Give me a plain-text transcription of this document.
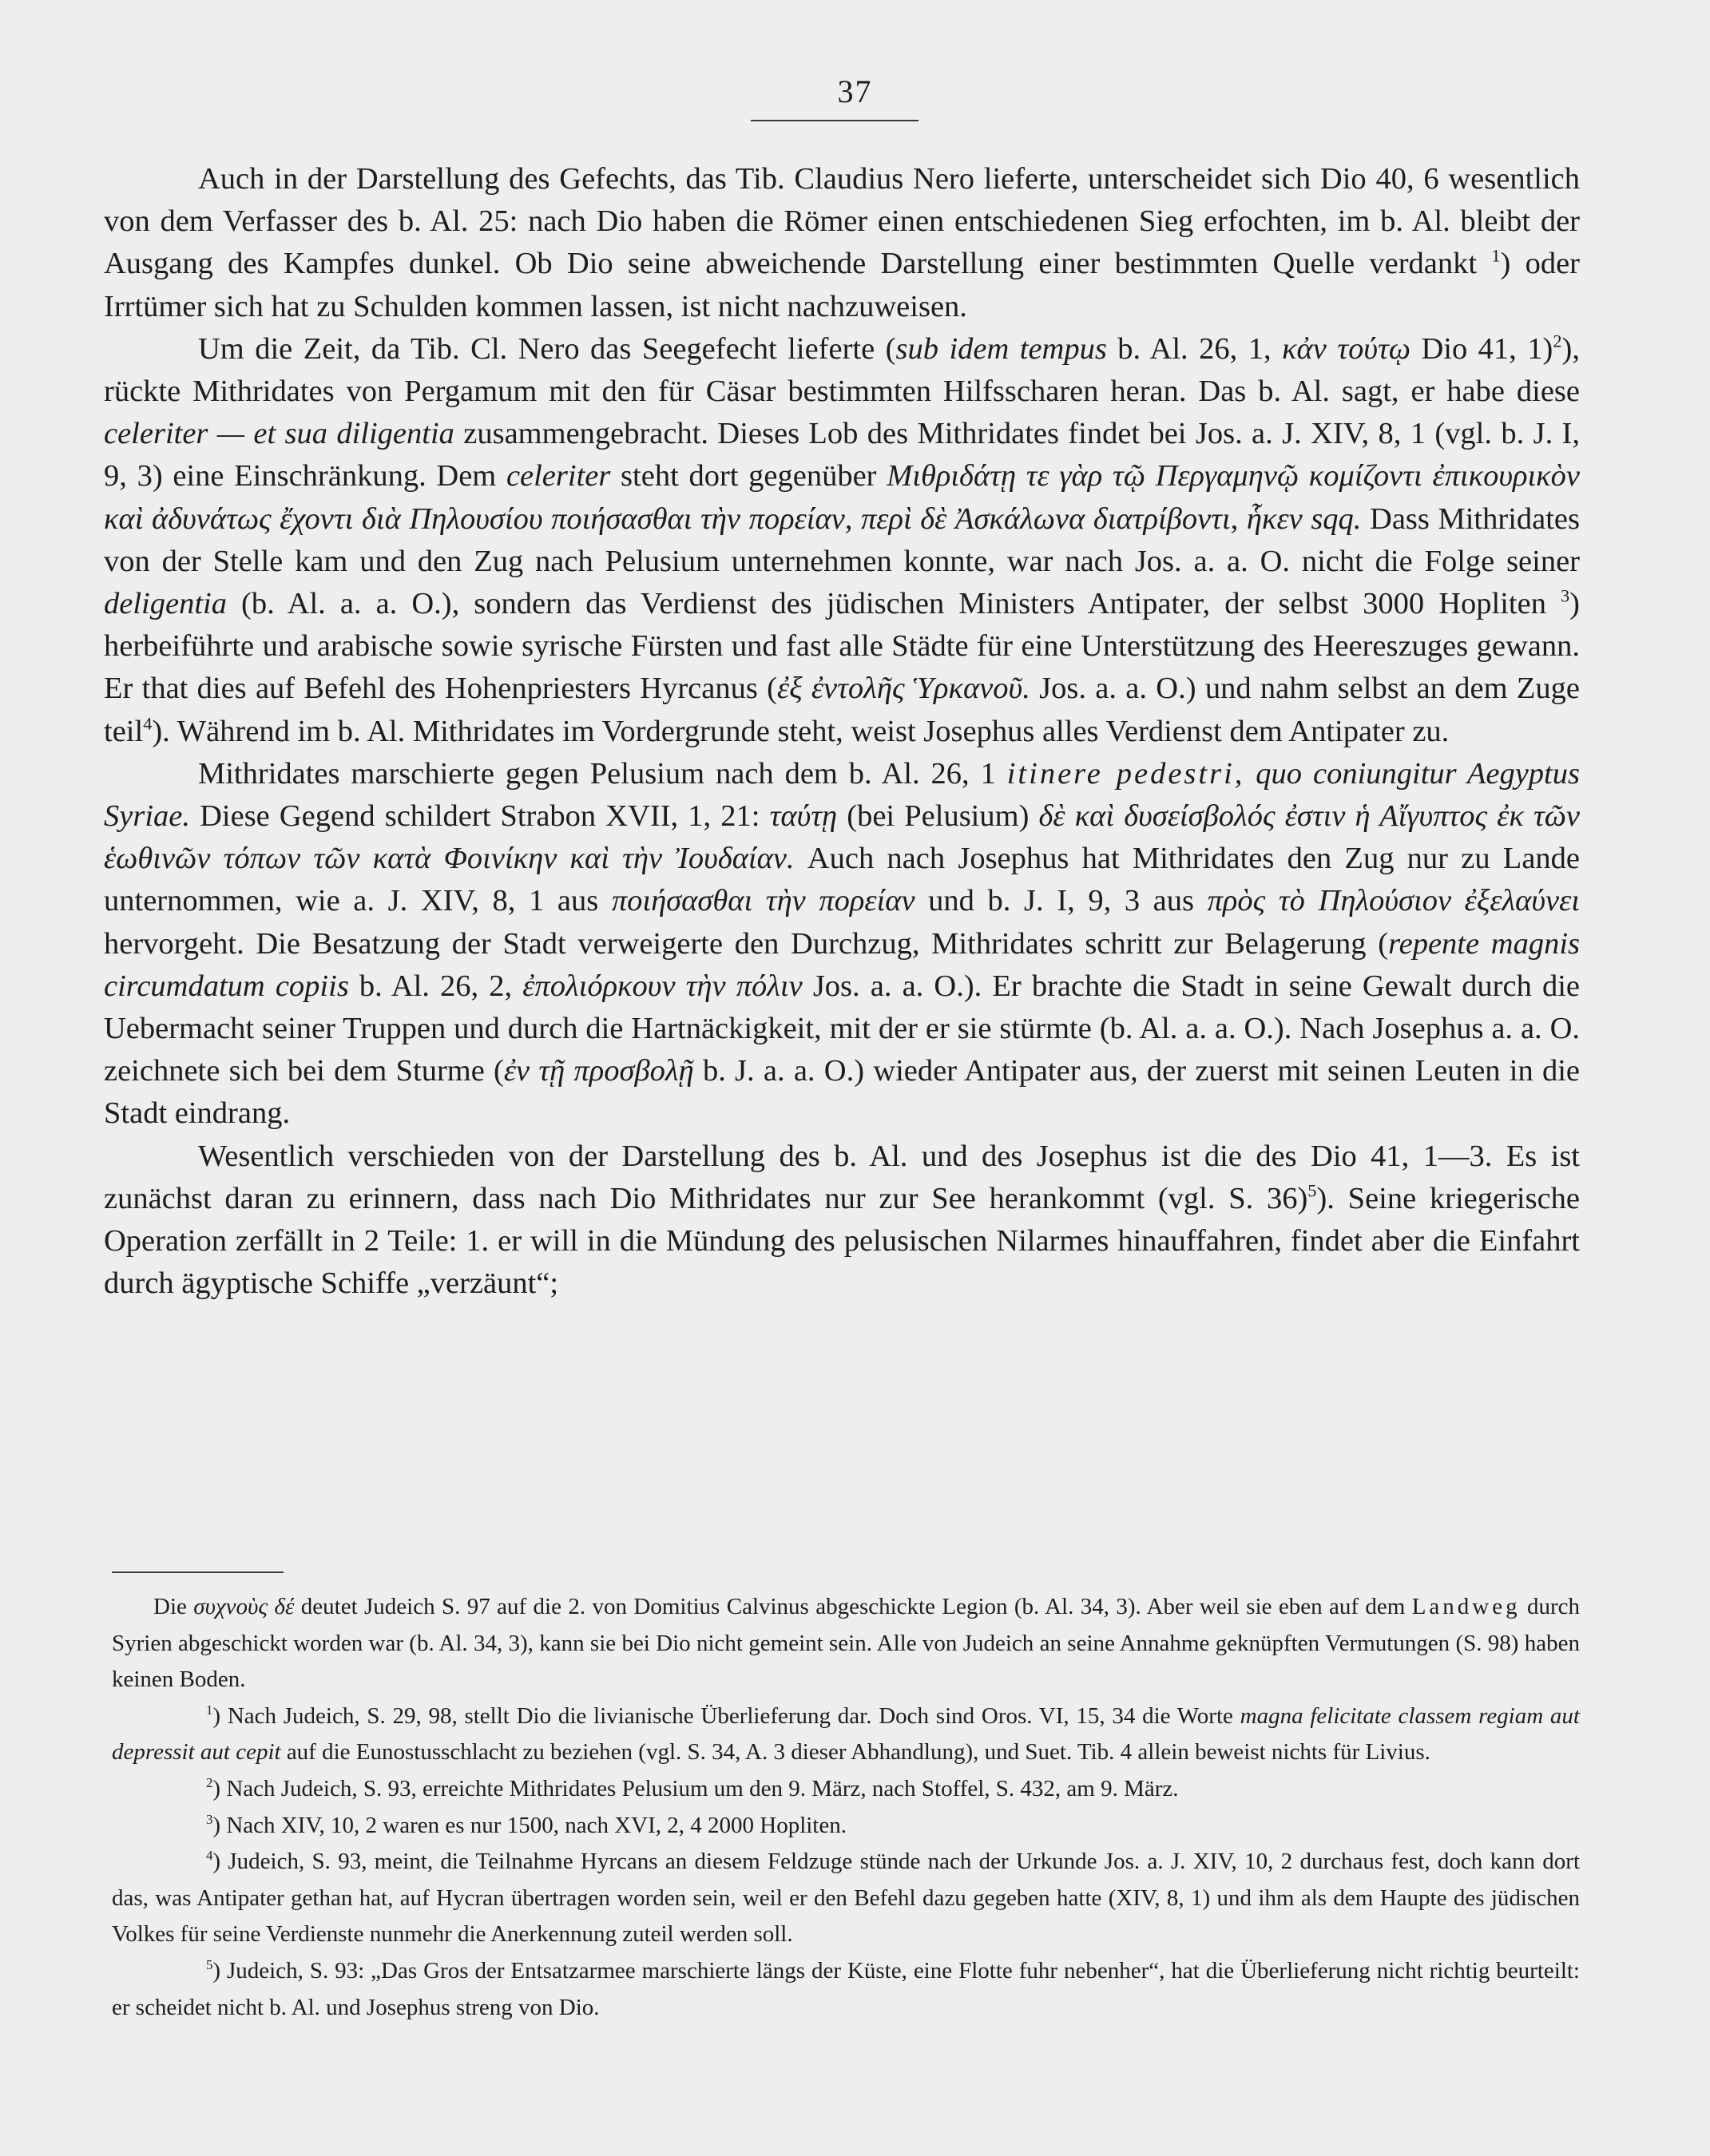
37

Auch in der Darstellung des Gefechts, das Tib. Claudius Nero lieferte, unterscheidet sich Dio 40, 6 wesentlich von dem Verfasser des b. Al. 25: nach Dio haben die Römer einen entschiedenen Sieg erfochten, im b. Al. bleibt der Ausgang des Kampfes dunkel. Ob Dio seine abweichende Darstellung einer bestimmten Quelle verdankt $^1$) oder Irrtümer sich hat zu Schulden kommen lassen, ist nicht nachzuweisen.

Um die Zeit, da Tib. Cl. Nero das Seegefecht lieferte (sub idem tempus b. Al. 26, 1, κἀν τούτῳ Dio 41, 1)$^2$), rückte Mithridates von Pergamum mit den für Cäsar bestimmten Hilfsscharen heran. Das b. Al. sagt, er habe diese celeriter — et sua diligentia zusammengebracht. Dieses Lob des Mithridates findet bei Jos. a. J. XIV, 8, 1 (vgl. b. J. I, 9, 3) eine Einschränkung. Dem celeriter steht dort gegenüber Μιθριδάτῃ τε γὰρ τῷ Περγαμηνῷ κομίζοντι ἐπικουρικὸν καὶ ἀδυνάτως ἔχοντι διὰ Πηλουσίου ποιήσασθαι τὴν πορείαν, περὶ δὲ Ἀσκάλωνα διατρίβοντι, ἧκεν sqq. Dass Mithridates von der Stelle kam und den Zug nach Pelusium unternehmen konnte, war nach Jos. a. a. O. nicht die Folge seiner deligentia (b. Al. a. a. O.), sondern das Verdienst des jüdischen Ministers Antipater, der selbst 3000 Hopliten $^3$) herbeiführte und arabische sowie syrische Fürsten und fast alle Städte für eine Unterstützung des Heereszuges gewann. Er that dies auf Befehl des Hohenpriesters Hyrcanus (ἐξ ἐντολῆς Ὑρκανοῦ. Jos. a. a. O.) und nahm selbst an dem Zuge teil$^4$). Während im b. Al. Mithridates im Vordergrunde steht, weist Josephus alles Verdienst dem Antipater zu.

Mithridates marschierte gegen Pelusium nach dem b. Al. 26, 1 itinere pedestri, quo coniungitur Aegyptus Syriae. Diese Gegend schildert Strabon XVII, 1, 21: ταύτῃ (bei Pelusium) δὲ καὶ δυσείσβολός ἐστιν ἡ Αἴγυπτος ἐκ τῶν ἑωθινῶν τόπων τῶν κατὰ Φοινίκην καὶ τὴν Ἰουδαίαν. Auch nach Josephus hat Mithridates den Zug nur zu Lande unternommen, wie a. J. XIV, 8, 1 aus ποιήσασθαι τὴν πορείαν und b. J. I, 9, 3 aus πρὸς τὸ Πηλούσιον ἐξελαύνει hervorgeht. Die Besatzung der Stadt verweigerte den Durchzug, Mithridates schritt zur Belagerung (repente magnis circumdatum copiis b. Al. 26, 2, ἐπολιόρκουν τὴν πόλιν Jos. a. a. O.). Er brachte die Stadt in seine Gewalt durch die Uebermacht seiner Truppen und durch die Hartnäckigkeit, mit der er sie stürmte (b. Al. a. a. O.). Nach Josephus a. a. O. zeichnete sich bei dem Sturme (ἐν τῇ προσβολῇ b. J. a. a. O.) wieder Antipater aus, der zuerst mit seinen Leuten in die Stadt eindrang.

Wesentlich verschieden von der Darstellung des b. Al. und des Josephus ist die des Dio 41, 1—3. Es ist zunächst daran zu erinnern, dass nach Dio Mithridates nur zur See herankommt (vgl. S. 36)$^5$). Seine kriegerische Operation zerfällt in 2 Teile: 1. er will in die Mündung des pelusischen Nilarmes hinauffahren, findet aber die Einfahrt durch ägyptische Schiffe „verzäunt“;

Die συχνοὺς δέ deutet Judeich S. 97 auf die 2. von Domitius Calvinus abgeschickte Legion (b. Al. 34, 3). Aber weil sie eben auf dem Landweg durch Syrien abgeschickt worden war (b. Al. 34, 3), kann sie bei Dio nicht gemeint sein. Alle von Judeich an seine Annahme geknüpften Vermutungen (S. 98) haben keinen Boden.

$^1$) Nach Judeich, S. 29, 98, stellt Dio die livianische Überlieferung dar. Doch sind Oros. VI, 15, 34 die Worte magna felicitate classem regiam aut depressit aut cepit auf die Eunostusschlacht zu beziehen (vgl. S. 34, A. 3 dieser Abhandlung), und Suet. Tib. 4 allein beweist nichts für Livius.

$^2$) Nach Judeich, S. 93, erreichte Mithridates Pelusium um den 9. März, nach Stoffel, S. 432, am 9. März.

$^3$) Nach XIV, 10, 2 waren es nur 1500, nach XVI, 2, 4 2000 Hopliten.

$^4$) Judeich, S. 93, meint, die Teilnahme Hyrcans an diesem Feldzuge stünde nach der Urkunde Jos. a. J. XIV, 10, 2 durchaus fest, doch kann dort das, was Antipater gethan hat, auf Hycran übertragen worden sein, weil er den Befehl dazu gegeben hatte (XIV, 8, 1) und ihm als dem Haupte des jüdischen Volkes für seine Verdienste nunmehr die Anerkennung zuteil werden soll.

$^5$) Judeich, S. 93: „Das Gros der Entsatzarmee marschierte längs der Küste, eine Flotte fuhr nebenher“, hat die Überlieferung nicht richtig beurteilt: er scheidet nicht b. Al. und Josephus streng von Dio.
